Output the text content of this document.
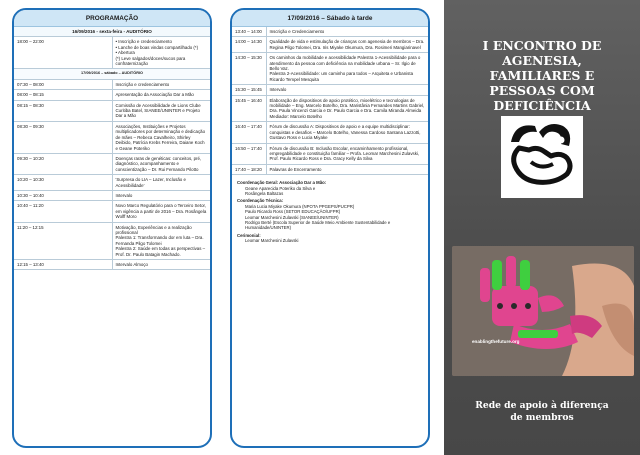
PROGRAMAÇÃO
16/09/2016 - sexta-feira - AUDITÓRIO	
18:00 – 22:00	• Inscrição e credenciamento
• Lanche de boas vindas compartilhado (*)
• Abertura
(*) Leve salgados/doces/sucos para confraternização
17/09/2016 – sábado – AUDITÓRIO	
07:30 – 08:00	Inscrição e credenciamento
08:00 – 08:15	Apresentação da Associação Dar a Mão
08:15 – 08:30	Comissão de Acessibilidade de Lions Clube Curitiba Batel, SIANEE/UNINTER e Projeto Dar a Mão
08:30 – 09:30	Associações, Instituições e Projetos multiplicadores por determinação e dedicação de mães – Rebeca Cavalheiro, Shirley Deibido, Patrícia Krebs Ferreira, Daiane Koch e Geane Poteriko
09:30 – 10:20	Doenças raras de genéticas: conceitos, pré, diagnóstico, acompanhamento e conscientização – Dr. Rui Fernando Pilotto
10:20 – 10:30	'Surpresa do LIA – Lazer, Inclusão e Acessibilidade'
10:30 – 10:40	Intervalo
10:40 – 11:20	Novo Marco Regulatório para o Terceiro Setor, em vigência a partir de 2016 – Dra. Rosângela Wolff Moro
11:20 – 12:15	Motivação, Experiências e a realização profissional
Palestra 1: Transformando dor em luta – Dra. Fernanda Pilgo Tolomei
Palestra 2: Saúde em todas as perspectivas – Prof. Dr. Paulo Batagin Machado.
12:15 – 13:40	Intervalo Almoço
17/09/2016 – Sábado à tarde
13:40 – 14:00	Inscrição e Credenciamento
14:00 – 14:30	Qualidade de vida e estimulação de crianças com agenesia de membros – Dra. Regina Pilgo Tolomei, Dra. Iris Miyake Okumura, Dra. Rosimeri Mangiarinavel
14:30 – 15:30	Os caminhos da mobilidade e acessibilidade Palestra 1-Acessibilidade para o atendimento da pessoa com deficiência na mobilidade urbana – Sr. Ilgio de Bello Vaz.
Palestra 2-Acessibilidade: um caminho para todos – Arquiteta e Urbanista Ricardo Tempel Mesquita
15:30 – 15:45	Intervalo
15:45 – 16:40	Elaboração de dispositivos de apoio protético, mioelétrico e tecnologias de mobilidade – Eng. Marcelo Botelho, Dra. Maristânia Fernandes Martins Gabriel, Dra. Paula Vincenzi Garcia e Dr. Paulo Garcia e Dra. Camila Miranda Almeida Mediador: Marcelo Botelho
16:40 – 17:40	Fórum de discussão A: Dispositivos de apoio e a equipe multidisciplinar: conquistas e desafios – Marcelo Botelho, Vanessa Cardoso Santana Lazzotti, Gustavo Ross e Lucia Miyake
16:50 – 17:40	Fórum de discussão B: Inclusão Escolar, encaminhamento profissional, empregabilidade e constituição familiar – Profa. Leomar Marchesini Zulavski, Prof. Paulo Ricardo Ross e Dra. Gracy Kelly da Silva
17:40 – 18:20	Palavras de Encerramento
Coordenação Geral: Associação Dar a Mão:
Geane Aparecida Poteriko da Silva e
Rosângela Baltazas
Coordenação Técnica:
Maria Lucia Miyake Okumura (NPOTA PPGEPS/PUCPR)
Paulo Ricardo Ross (SETOR EDUCAÇÃO/UFPR)
Leomar Marchesini Zulavski (SIANEE/UNINTER)
Rodrigo Berté (Escola Superior de Saúde Meio Ambiente Sustentabilidade e Humanidade/UNINTER)
Cerimonial:
Leomar Marchesini Zulavski
I ENCONTRO DE
AGENESIA,
FAMILIARES E
PESSOAS COM
DEFICIÊNCIA
enablingthefuture.org
Rede de apoio à diferença
de membros
